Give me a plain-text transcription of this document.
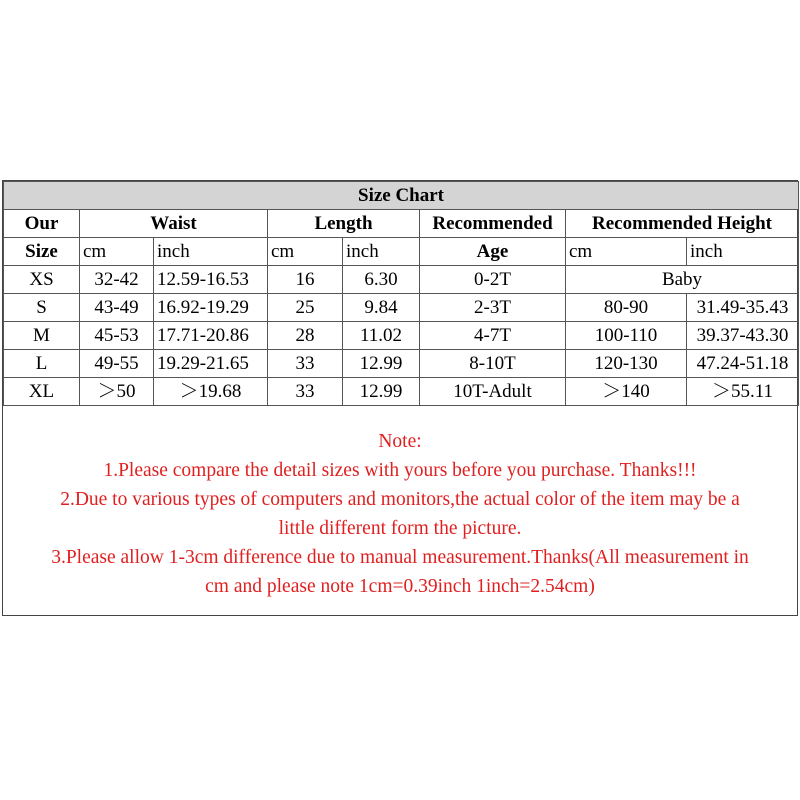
Size Chart							
Our	Waist		Length		Recommended	Recommended Height	
Size	cm	inch	cm	inch	Age	cm	inch
XS	32-42	12.59-16.53	16	6.30	0-2T	Baby	
S	43-49	16.92-19.29	25	9.84	2-3T	80-90	31.49-35.43
M	45-53	17.71-20.86	28	11.02	4-7T	100-110	39.37-43.30
L	49-55	19.29-21.65	33	12.99	8-10T	120-130	47.24-51.18
XL	＞50	＞19.68	33	12.99	10T-Adult	＞140	＞55.11
Note:
1.Please compare the detail sizes with yours before you purchase. Thanks!!!
2.Due to various types of computers and monitors,the actual color of the item may be a
little different form the picture.
3.Please allow 1-3cm difference due to manual measurement.Thanks(All measurement in
cm and please note 1cm=0.39inch 1inch=2.54cm)
